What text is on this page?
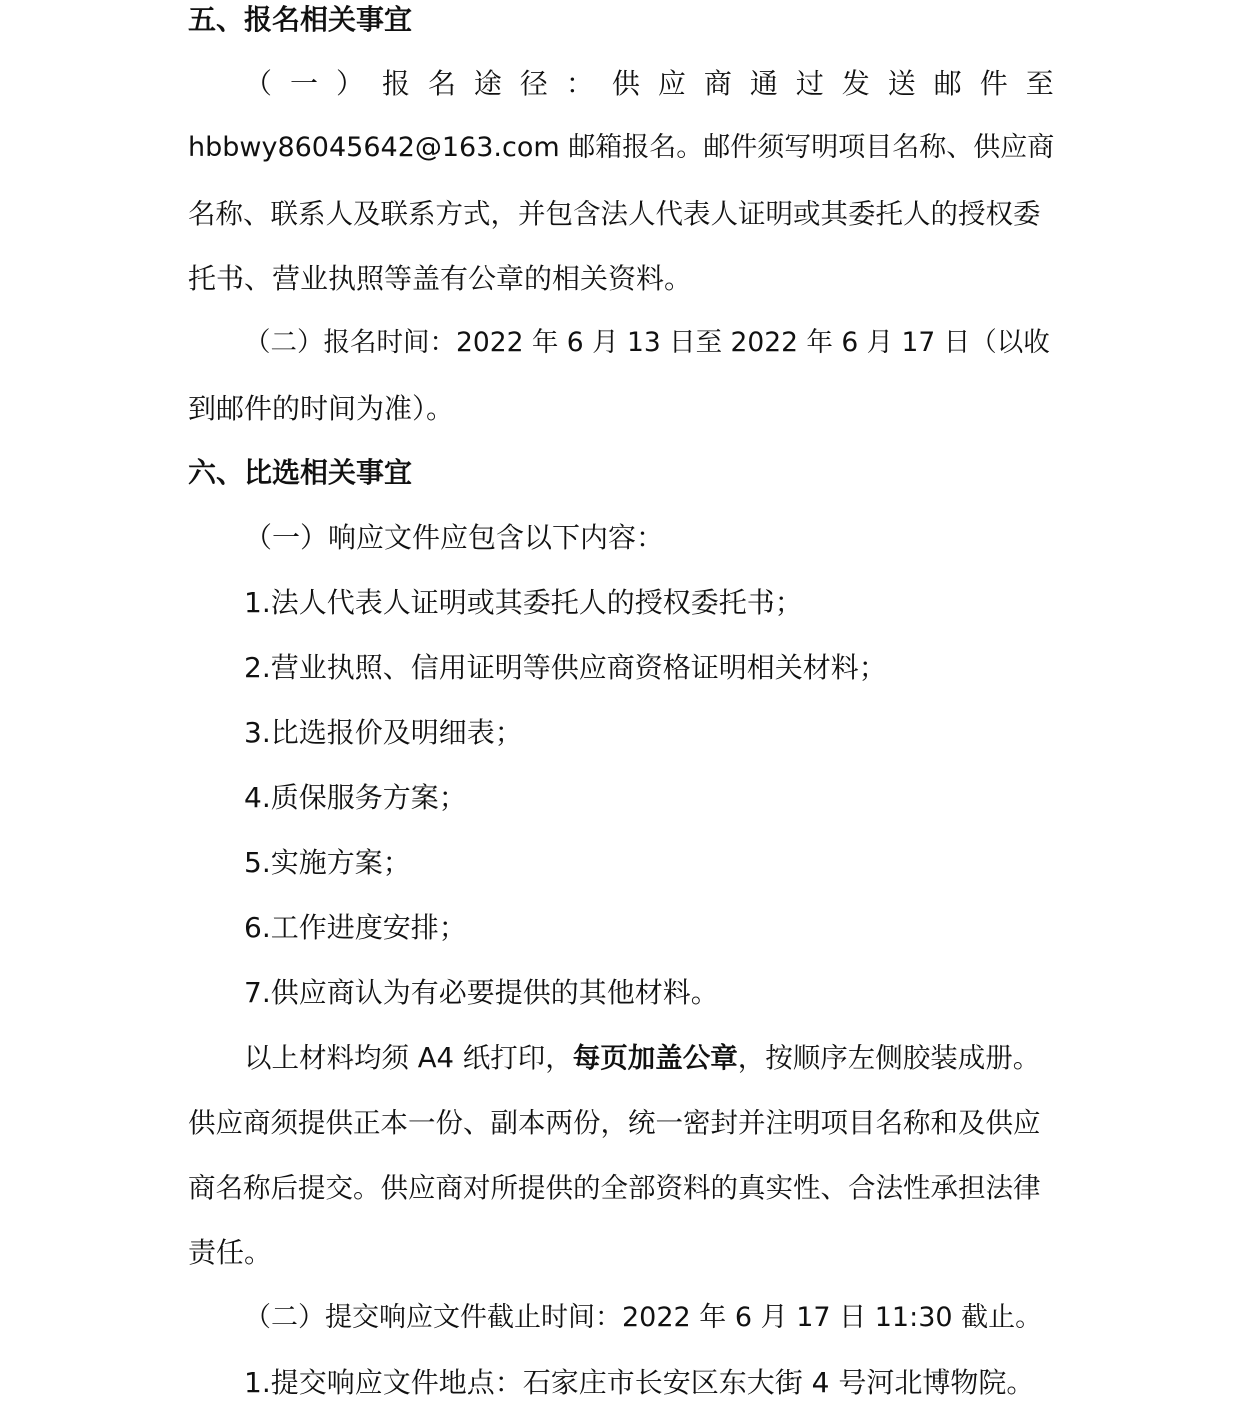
五、报名相关事宜
（ 一 ） 报 名 途 径 ： 供 应 商 通 过 发 送 邮 件 至
hbbwy86045642@163.com 邮箱报名。邮件须写明项目名称、供应商
名称、联系人及联系方式，并包含法人代表人证明或其委托人的授权委
托书、营业执照等盖有公章的相关资料。
（二）报名时间：2022 年 6 月 13 日至 2022 年 6 月 17 日（以收
到邮件的时间为准）。
六、比选相关事宜
（一）响应文件应包含以下内容：
1.法人代表人证明或其委托人的授权委托书；
2.营业执照、信用证明等供应商资格证明相关材料；
3.比选报价及明细表；
4.质保服务方案；
5.实施方案；
6.工作进度安排；
7.供应商认为有必要提供的其他材料。
以上材料均须 A4 纸打印，每页加盖公章，按顺序左侧胶装成册。
供应商须提供正本一份、副本两份，统一密封并注明项目名称和及供应
商名称后提交。供应商对所提供的全部资料的真实性、合法性承担法律
责任。
（二）提交响应文件截止时间：2022 年 6 月 17 日 11:30 截止。
1.提交响应文件地点：石家庄市长安区东大街 4 号河北博物院。
